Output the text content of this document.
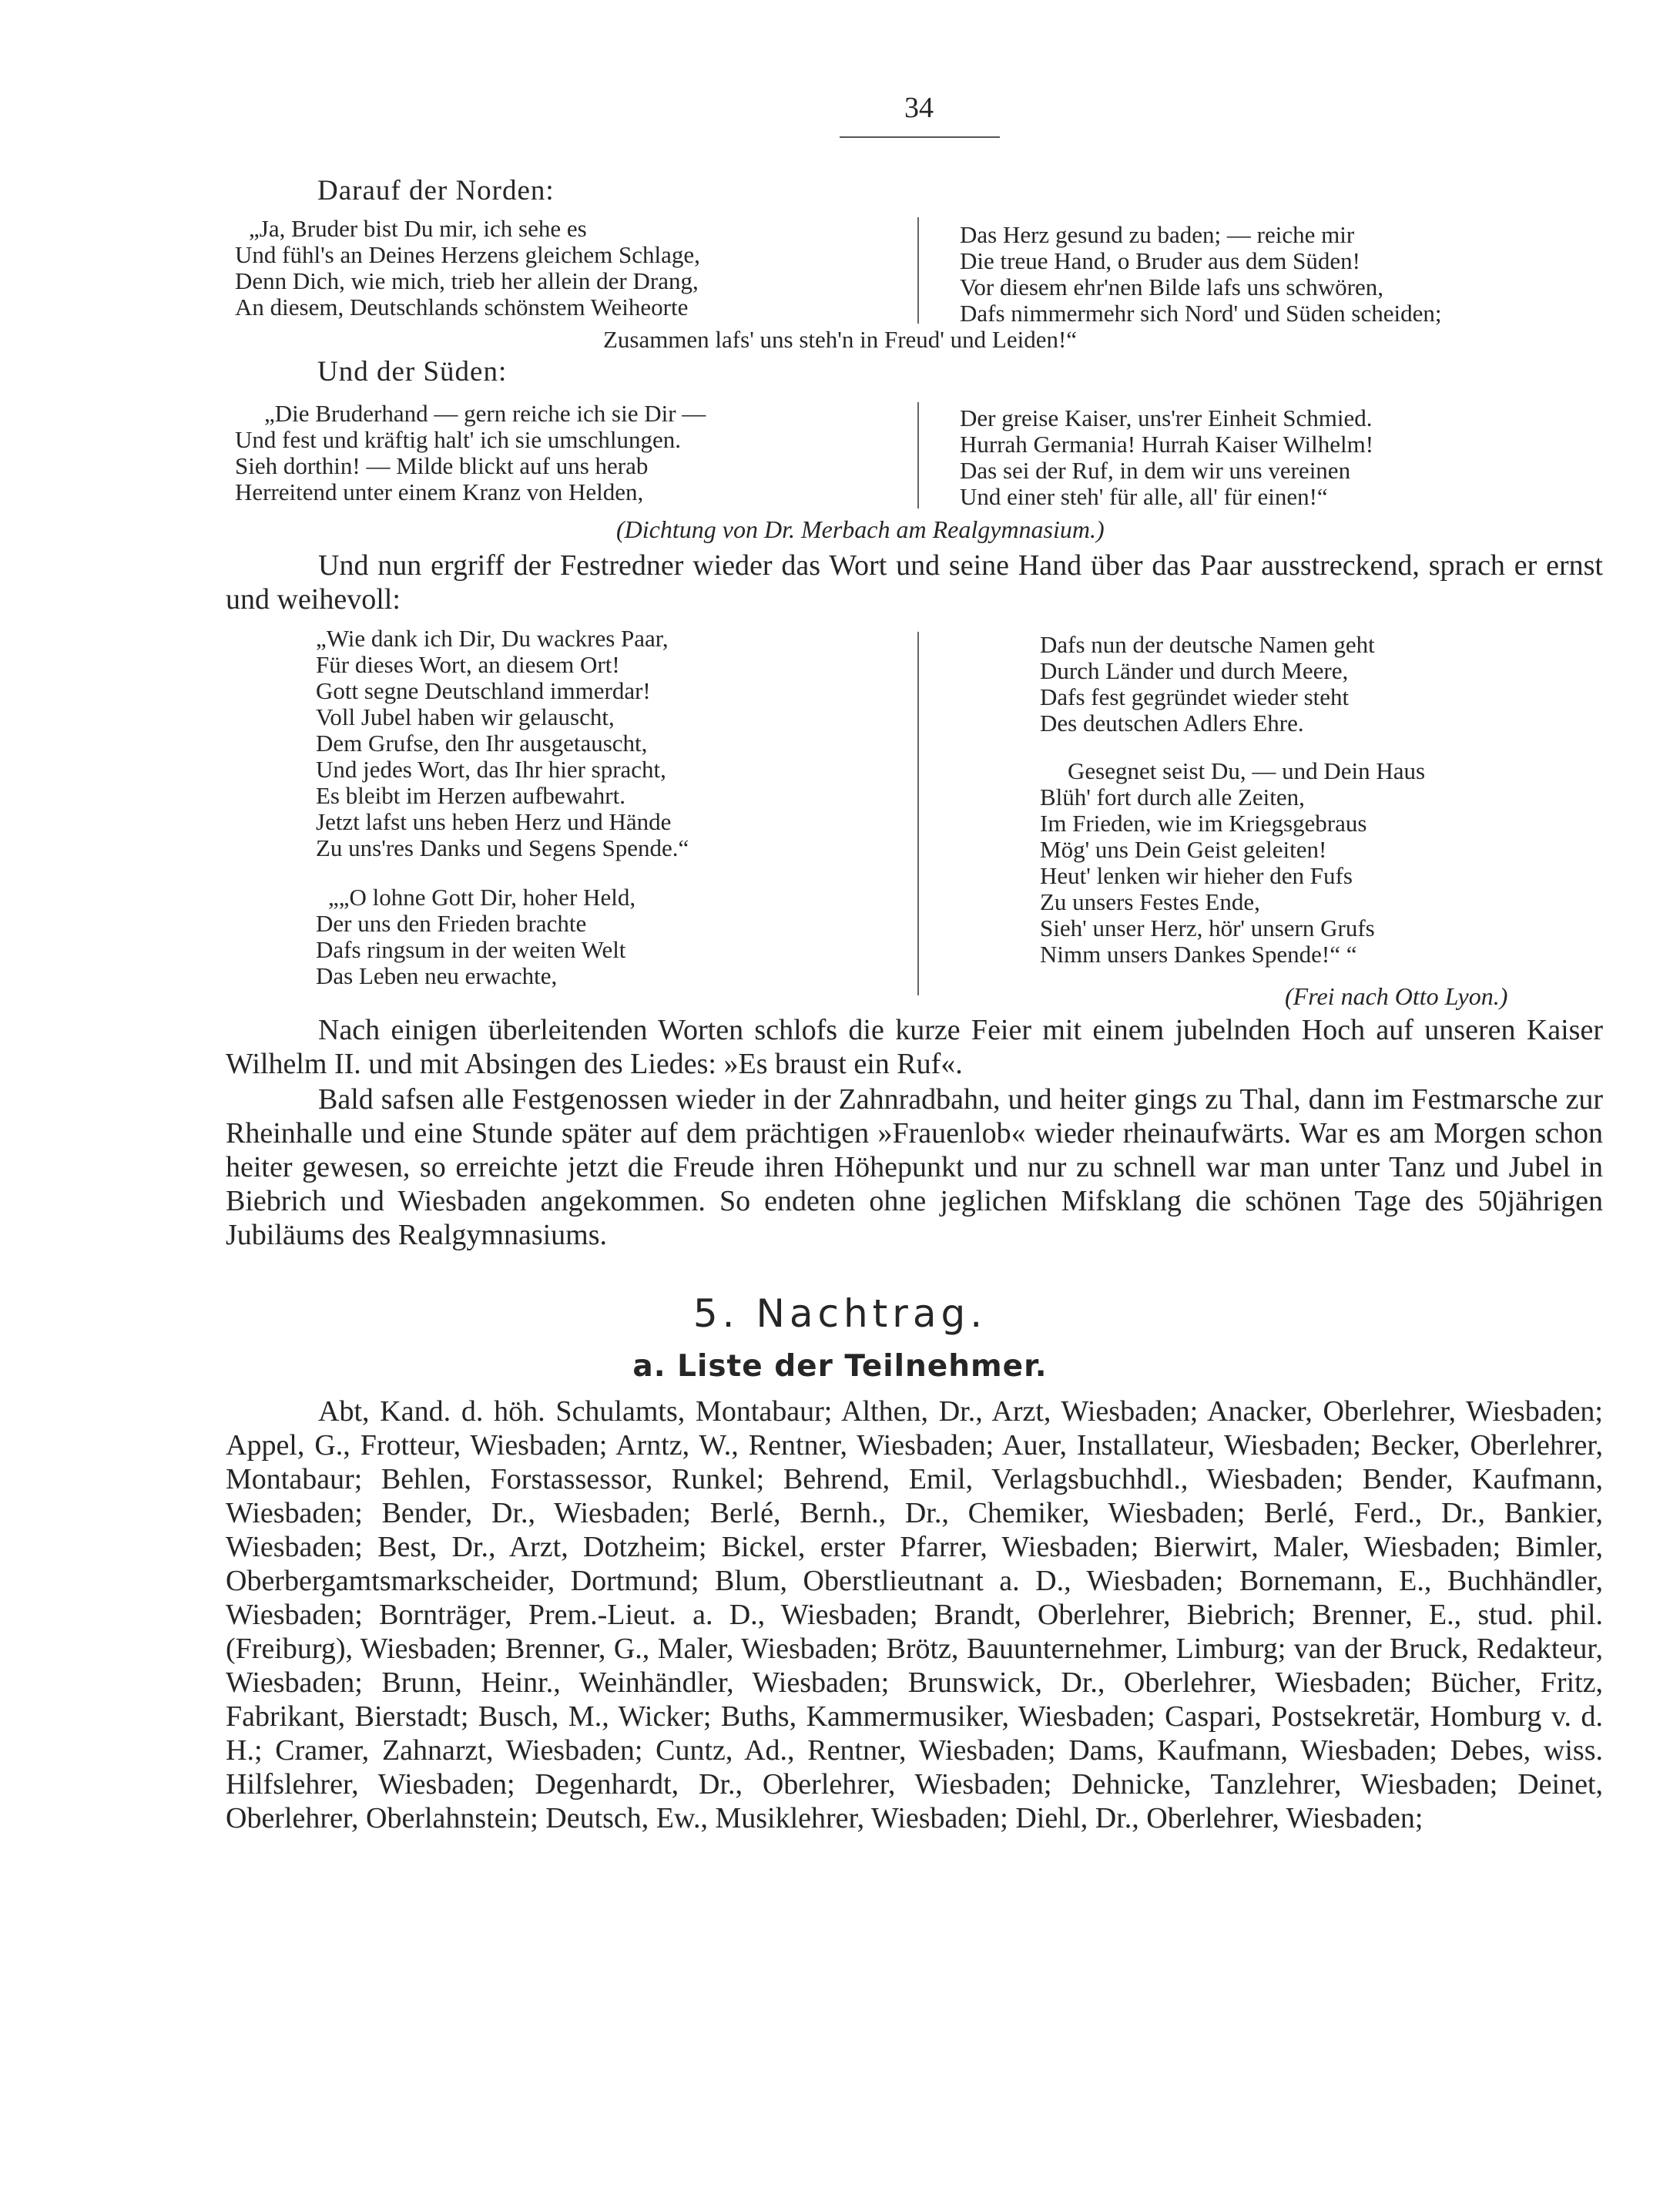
34
Darauf der Norden:
„Ja, Bruder bist Du mir, ich sehe es
Und fühl's an Deines Herzens gleichem Schlage,
Denn Dich, wie mich, trieb her allein der Drang,
An diesem, Deutschlands schönstem Weiheorte
Das Herz gesund zu baden; — reiche mir
Die treue Hand, o Bruder aus dem Süden!
Vor diesem ehr'nen Bilde lafs uns schwören,
Dafs nimmermehr sich Nord' und Süden scheiden;
Zusammen lafs' uns steh'n in Freud' und Leiden!“
Und der Süden:
„Die Bruderhand — gern reiche ich sie Dir —
Und fest und kräftig halt' ich sie umschlungen.
Sieh dorthin! — Milde blickt auf uns herab
Herreitend unter einem Kranz von Helden,
Der greise Kaiser, uns'rer Einheit Schmied.
Hurrah Germania! Hurrah Kaiser Wilhelm!
Das sei der Ruf, in dem wir uns vereinen
Und einer steh' für alle, all' für einen!“
(Dichtung von Dr. Merbach am Realgymnasium.)
Und nun ergriff der Festredner wieder das Wort und seine Hand über das Paar ausstreckend, sprach er ernst und weihevoll:
„Wie dank ich Dir, Du wackres Paar,
Für dieses Wort, an diesem Ort!
Gott segne Deutschland immerdar!
Voll Jubel haben wir gelauscht,
Dem Grufse, den Ihr ausgetauscht,
Und jedes Wort, das Ihr hier spracht,
Es bleibt im Herzen aufbewahrt.
Jetzt lafst uns heben Herz und Hände
Zu uns'res Danks und Segens Spende.“
„„O lohne Gott Dir, hoher Held,
Der uns den Frieden brachte
Dafs ringsum in der weiten Welt
Das Leben neu erwachte,
Dafs nun der deutsche Namen geht
Durch Länder und durch Meere,
Dafs fest gegründet wieder steht
Des deutschen Adlers Ehre.
Gesegnet seist Du, — und Dein Haus
Blüh' fort durch alle Zeiten,
Im Frieden, wie im Kriegsgebraus
Mög' uns Dein Geist geleiten!
Heut' lenken wir hieher den Fufs
Zu unsers Festes Ende,
Sieh' unser Herz, hör' unsern Grufs
Nimm unsers Dankes Spende!“ “
(Frei nach Otto Lyon.)
Nach einigen überleitenden Worten schlofs die kurze Feier mit einem jubelnden Hoch auf unseren Kaiser Wilhelm II. und mit Absingen des Liedes: »Es braust ein Ruf«.
Bald safsen alle Festgenossen wieder in der Zahnradbahn, und heiter gings zu Thal, dann im Festmarsche zur Rheinhalle und eine Stunde später auf dem prächtigen »Frauenlob« wieder rheinaufwärts. War es am Morgen schon heiter gewesen, so erreichte jetzt die Freude ihren Höhepunkt und nur zu schnell war man unter Tanz und Jubel in Biebrich und Wiesbaden angekommen. So endeten ohne jeglichen Mifsklang die schönen Tage des 50jährigen Jubiläums des Realgymnasiums.
5. Nachtrag.
a. Liste der Teilnehmer.
Abt, Kand. d. höh. Schulamts, Montabaur; Althen, Dr., Arzt, Wiesbaden; Anacker, Oberlehrer, Wiesbaden; Appel, G., Frotteur, Wiesbaden; Arntz, W., Rentner, Wiesbaden; Auer, Installateur, Wiesbaden; Becker, Oberlehrer, Montabaur; Behlen, Forstassessor, Runkel; Behrend, Emil, Verlagsbuchhdl., Wiesbaden; Bender, Kaufmann, Wiesbaden; Bender, Dr., Wiesbaden; Berlé, Bernh., Dr., Chemiker, Wiesbaden; Berlé, Ferd., Dr., Bankier, Wiesbaden; Best, Dr., Arzt, Dotzheim; Bickel, erster Pfarrer, Wiesbaden; Bierwirt, Maler, Wiesbaden; Bimler, Oberbergamtsmarkscheider, Dortmund; Blum, Oberstlieutnant a. D., Wiesbaden; Bornemann, E., Buchhändler, Wiesbaden; Bornträger, Prem.-Lieut. a. D., Wiesbaden; Brandt, Oberlehrer, Biebrich; Brenner, E., stud. phil. (Freiburg), Wiesbaden; Brenner, G., Maler, Wiesbaden; Brötz, Bauunternehmer, Limburg; van der Bruck, Redakteur, Wiesbaden; Brunn, Heinr., Weinhändler, Wiesbaden; Brunswick, Dr., Oberlehrer, Wiesbaden; Bücher, Fritz, Fabrikant, Bierstadt; Busch, M., Wicker; Buths, Kammermusiker, Wiesbaden; Caspari, Postsekretär, Homburg v. d. H.; Cramer, Zahnarzt, Wiesbaden; Cuntz, Ad., Rentner, Wiesbaden; Dams, Kaufmann, Wiesbaden; Debes, wiss. Hilfslehrer, Wiesbaden; Degenhardt, Dr., Oberlehrer, Wiesbaden; Dehnicke, Tanzlehrer, Wiesbaden; Deinet, Oberlehrer, Oberlahnstein; Deutsch, Ew., Musiklehrer, Wiesbaden; Diehl, Dr., Oberlehrer, Wiesbaden;
